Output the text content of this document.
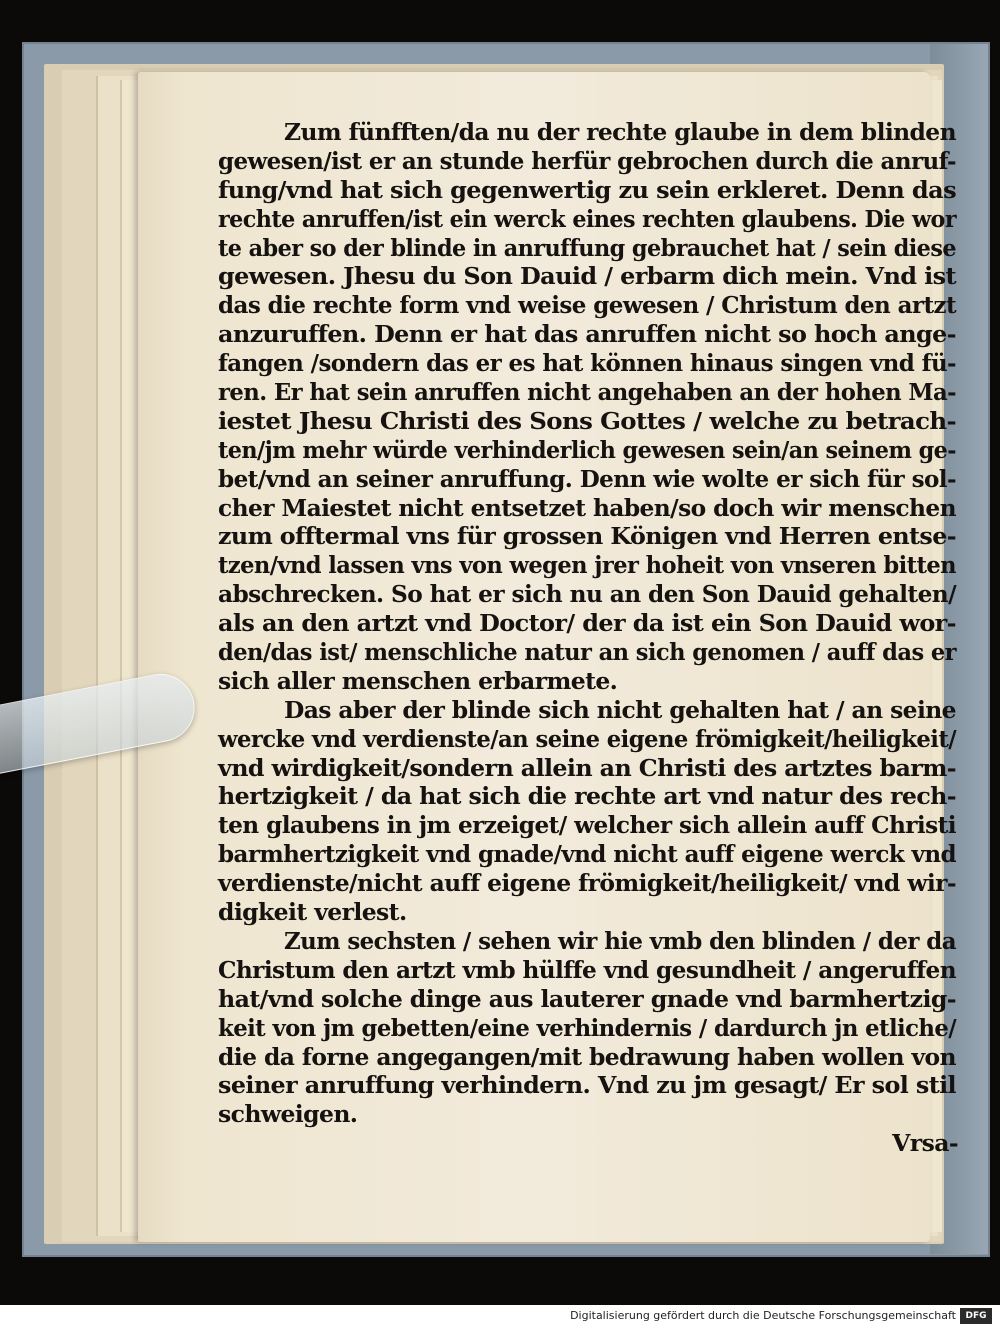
Zum fünfften/da nu der rechte glaube in dem blinden
gewesen/ist er an stunde herfür gebrochen durch die anruf-
fung/vnd hat sich gegenwertig zu sein erkleret. Denn das
rechte anruffen/ist ein werck eines rechten glaubens. Die wor
te aber so der blinde in anruffung gebrauchet hat / sein diese
gewesen. Jhesu du Son Dauid / erbarm dich mein. Vnd ist
das die rechte form vnd weise gewesen / Christum den artzt
anzuruffen. Denn er hat das anruffen nicht so hoch ange-
fangen /sondern das er es hat können hinaus singen vnd fü-
ren. Er hat sein anruffen nicht angehaben an der hohen Ma-
iestet Jhesu Christi des Sons Gottes / welche zu betrach-
ten/jm mehr würde verhinderlich gewesen sein/an seinem ge-
bet/vnd an seiner anruffung. Denn wie wolte er sich für sol-
cher Maiestet nicht entsetzet haben/so doch wir menschen
zum offtermal vns für grossen Königen vnd Herren entse-
tzen/vnd lassen vns von wegen jrer hoheit von vnseren bitten
abschrecken. So hat er sich nu an den Son Dauid gehalten/
als an den artzt vnd Doctor/ der da ist ein Son Dauid wor-
den/das ist/ menschliche natur an sich genomen / auff das er
sich aller menschen erbarmete.
Das aber der blinde sich nicht gehalten hat / an seine
wercke vnd verdienste/an seine eigene frömigkeit/heiligkeit/
vnd wirdigkeit/sondern allein an Christi des artztes barm-
hertzigkeit / da hat sich die rechte art vnd natur des rech-
ten glaubens in jm erzeiget/ welcher sich allein auff Christi
barmhertzigkeit vnd gnade/vnd nicht auff eigene werck vnd
verdienste/nicht auff eigene frömigkeit/heiligkeit/ vnd wir-
digkeit verlest.
Zum sechsten / sehen wir hie vmb den blinden / der da
Christum den artzt vmb hülffe vnd gesundheit / angeruffen
hat/vnd solche dinge aus lauterer gnade vnd barmhertzig-
keit von jm gebetten/eine verhindernis / dardurch jn etliche/
die da forne angegangen/mit bedrawung haben wollen von
seiner anruffung verhindern. Vnd zu jm gesagt/ Er sol stil
schweigen.
Vrsa-
Digitalisierung gefördert durch die Deutsche Forschungsgemeinschaft	DFG
